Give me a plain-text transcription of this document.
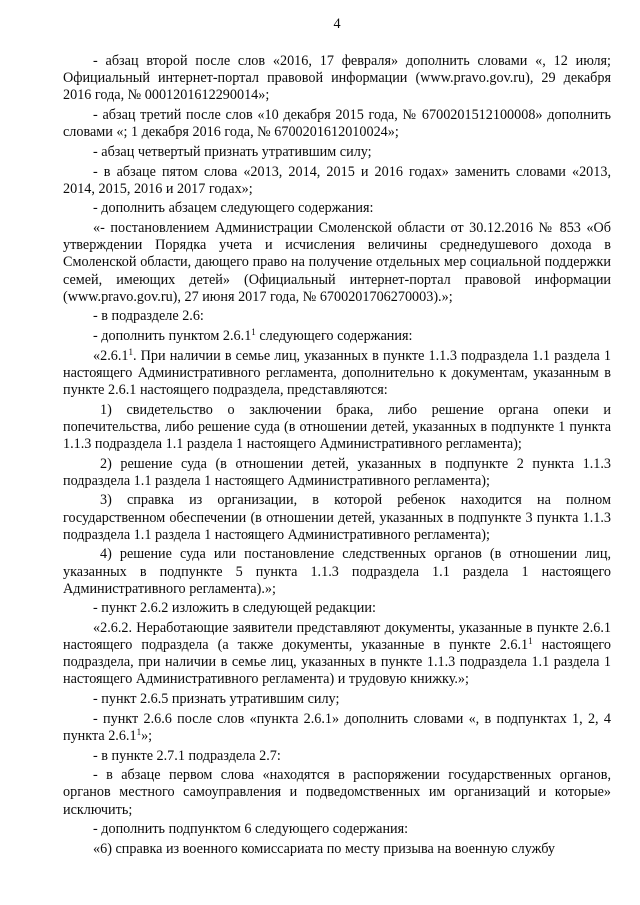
4

- абзац второй после слов «2016, 17 февраля» дополнить словами «, 12 июля; Официальный интернет-портал правовой информации (www.pravo.gov.ru), 29 декабря 2016 года, № 0001201612290014»;

- абзац третий после слов «10 декабря 2015 года, № 6700201512100008» дополнить словами «; 1 декабря 2016 года, № 6700201612010024»;

- абзац четвертый признать утратившим силу;

- в абзаце пятом слова «2013, 2014, 2015 и 2016 годах» заменить словами «2013, 2014, 2015, 2016 и 2017 годах»;

- дополнить абзацем следующего содержания:

«- постановлением Администрации Смоленской области от 30.12.2016 № 853 «Об утверждении Порядка учета и исчисления величины среднедушевого дохода в Смоленской области, дающего право на получение отдельных мер социальной поддержки семей, имеющих детей» (Официальный интернет-портал правовой информации (www.pravo.gov.ru), 27 июня 2017 года, № 6700201706270003).»;

- в подразделе 2.6:

- дополнить пунктом 2.6.1$^1$ следующего содержания:

«2.6.1$^1$. При наличии в семье лиц, указанных в пункте 1.1.3 подраздела 1.1 раздела 1 настоящего Административного регламента, дополнительно к документам, указанным в пункте 2.6.1 настоящего подраздела, представляются:

1) свидетельство о заключении брака, либо решение органа опеки и попечительства, либо решение суда (в отношении детей, указанных в подпункте 1 пункта 1.1.3 подраздела 1.1 раздела 1 настоящего Административного регламента);

2) решение суда (в отношении детей, указанных в подпункте 2 пункта 1.1.3 подраздела 1.1 раздела 1 настоящего Административного регламента);

3) справка из организации, в которой ребенок находится на полном государственном обеспечении (в отношении детей, указанных в подпункте 3 пункта 1.1.3 подраздела 1.1 раздела 1 настоящего Административного регламента);

4) решение суда или постановление следственных органов (в отношении лиц, указанных в подпункте 5 пункта 1.1.3 подраздела 1.1 раздела 1 настоящего Административного регламента).»;

- пункт 2.6.2 изложить в следующей редакции:

«2.6.2. Неработающие заявители представляют документы, указанные в пункте 2.6.1 настоящего подраздела (а также документы, указанные в пункте 2.6.1$^1$ настоящего подраздела, при наличии в семье лиц, указанных в пункте 1.1.3 подраздела 1.1 раздела 1 настоящего Административного регламента) и трудовую книжку.»;

- пункт 2.6.5 признать утратившим силу;

- пункт 2.6.6 после слов «пункта 2.6.1» дополнить словами «, в подпунктах 1, 2, 4 пункта 2.6.1$^1$»;

- в пункте 2.7.1 подраздела 2.7:

- в абзаце первом слова «находятся в распоряжении государственных органов, органов местного самоуправления и подведомственных им организаций и которые» исключить;

- дополнить подпунктом 6 следующего содержания:

«6) справка из военного комиссариата по месту призыва на военную службу
